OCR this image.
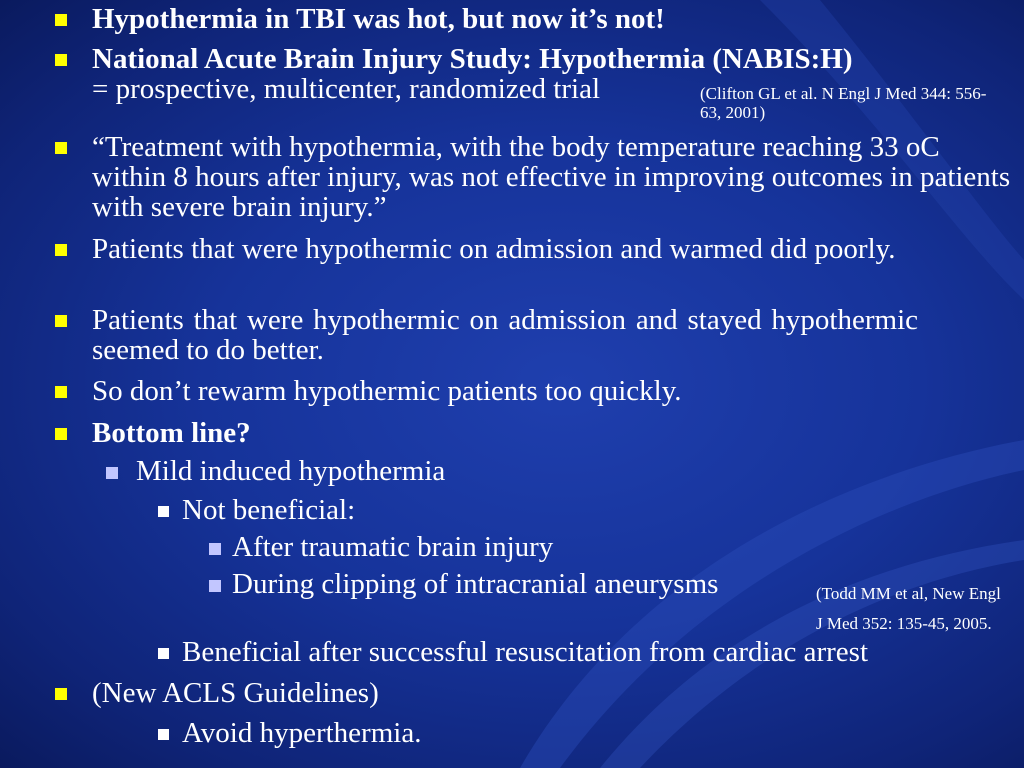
Hypothermia in TBI was hot, but now it’s not!
National Acute Brain Injury Study: Hypothermia (NABIS:H)
= prospective, multicenter, randomized trial	(Clifton GL et al. N Engl J Med 344: 556-63, 2001)
“Treatment with hypothermia, with the body temperature reaching 33 oC within 8 hours after injury, was not effective in improving outcomes in patients with severe brain injury.”
Patients that were hypothermic on admission and warmed did poorly.
Patients that were hypothermic on admission and stayed hypothermic seemed to do better.
So don’t rewarm hypothermic patients too quickly.
Bottom line?
Mild induced hypothermia
Not beneficial:
After traumatic brain injury
During clipping of intracranial aneurysms	(Todd MM et al, New Engl J Med 352: 135-45, 2005.
Beneficial after successful resuscitation from cardiac arrest
(New ACLS Guidelines)
Avoid hyperthermia.
